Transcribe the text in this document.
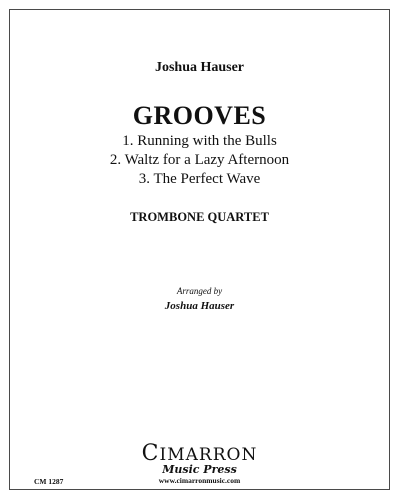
Joshua Hauser
GROOVES
1. Running with the Bulls
2. Waltz for a Lazy Afternoon
3. The Perfect Wave
TROMBONE QUARTET
Arranged by
Joshua Hauser
CM 1287
CIMARRON
Music Press
www.cimarronmusic.com
